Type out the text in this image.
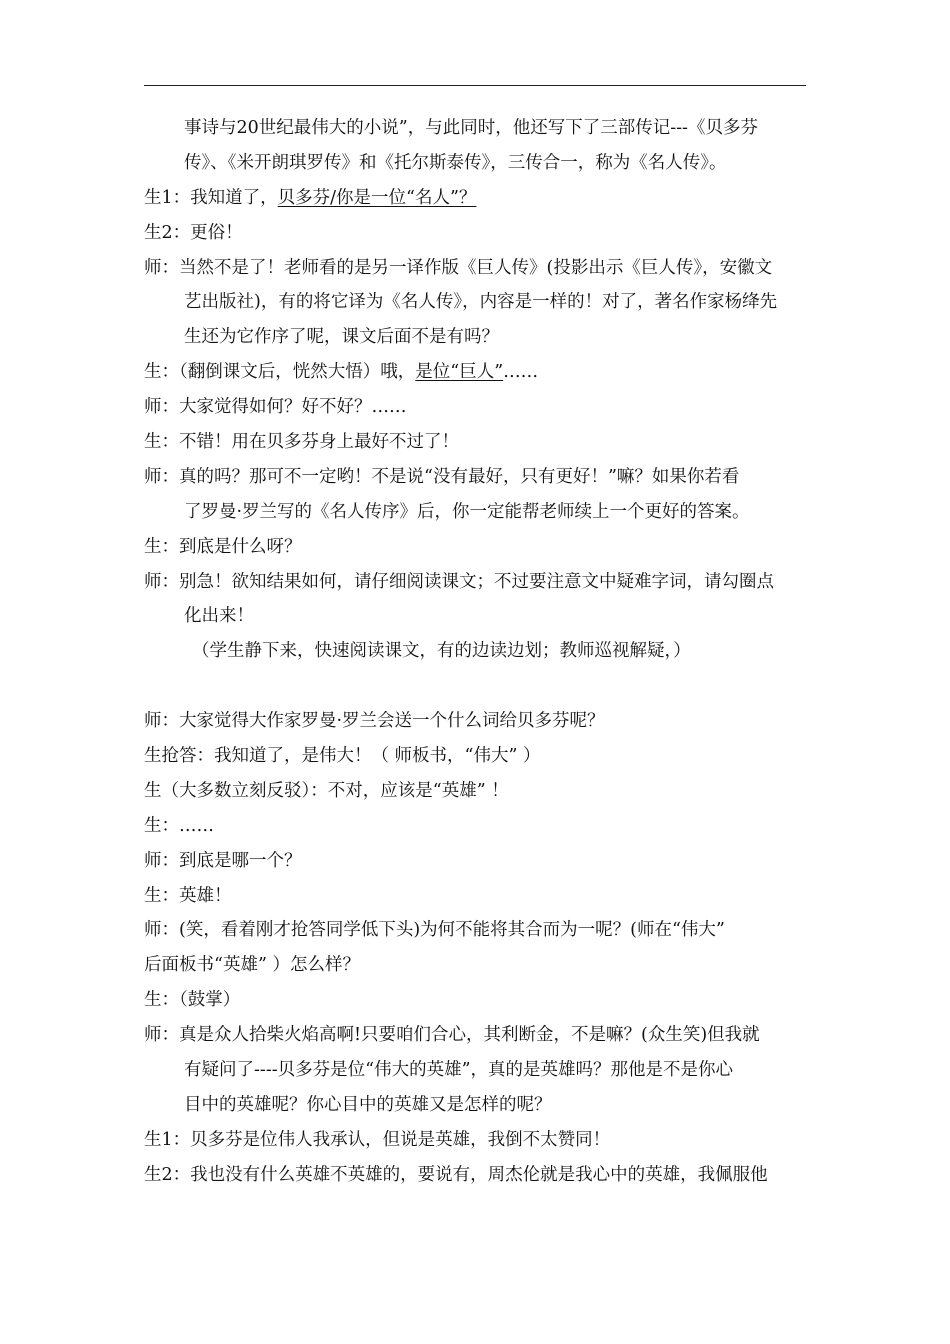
事诗与20世纪最伟大的小说”，与此同时，他还写下了三部传记---《贝多芬
传》、《米开朗琪罗传》和《托尔斯泰传》，三传合一，称为《名人传》。
生1：我知道了，贝多芬/你是一位“名人”？
生2：更俗！
师：当然不是了！老师看的是另一译作版《巨人传》(投影出示《巨人传》，安徽文
艺出版社)，有的将它译为《名人传》，内容是一样的！对了，著名作家杨绛先
生还为它作序了呢，课文后面不是有吗？
生：（翻倒课文后，恍然大悟）哦，是位“巨人”……
师：大家觉得如何？好不好？……
生：不错！用在贝多芬身上最好不过了！
师：真的吗？那可不一定哟！不是说“没有最好，只有更好！”嘛？如果你若看
了罗曼·罗兰写的《名人传序》后，你一定能帮老师续上一个更好的答案。
生：到底是什么呀？
师：别急！欲知结果如何，请仔细阅读课文；不过要注意文中疑难字词，请勾圈点
化出来！
（学生静下来，快速阅读课文，有的边读边划；教师巡视解疑，）
师：大家觉得大作家罗曼·罗兰会送一个什么词给贝多芬呢？
生抢答：我知道了，是伟大！（ 师板书，“伟大” ）
生（大多数立刻反驳）：不对，应该是“英雄” ！
生：……
师：到底是哪一个？
生：英雄！
师：(笑，看着刚才抢答同学低下头)为何不能将其合而为一呢？(师在“伟大”
后面板书“英雄” ）怎么样？
生：（鼓掌）
师：真是众人拾柴火焰高啊!只要咱们合心，其利断金，不是嘛？(众生笑)但我就
有疑问了----贝多芬是位“伟大的英雄”，真的是英雄吗？那他是不是你心
目中的英雄呢？你心目中的英雄又是怎样的呢？
生1：贝多芬是位伟人我承认，但说是英雄，我倒不太赞同！
生2：我也没有什么英雄不英雄的，要说有，周杰伦就是我心中的英雄，我佩服他
